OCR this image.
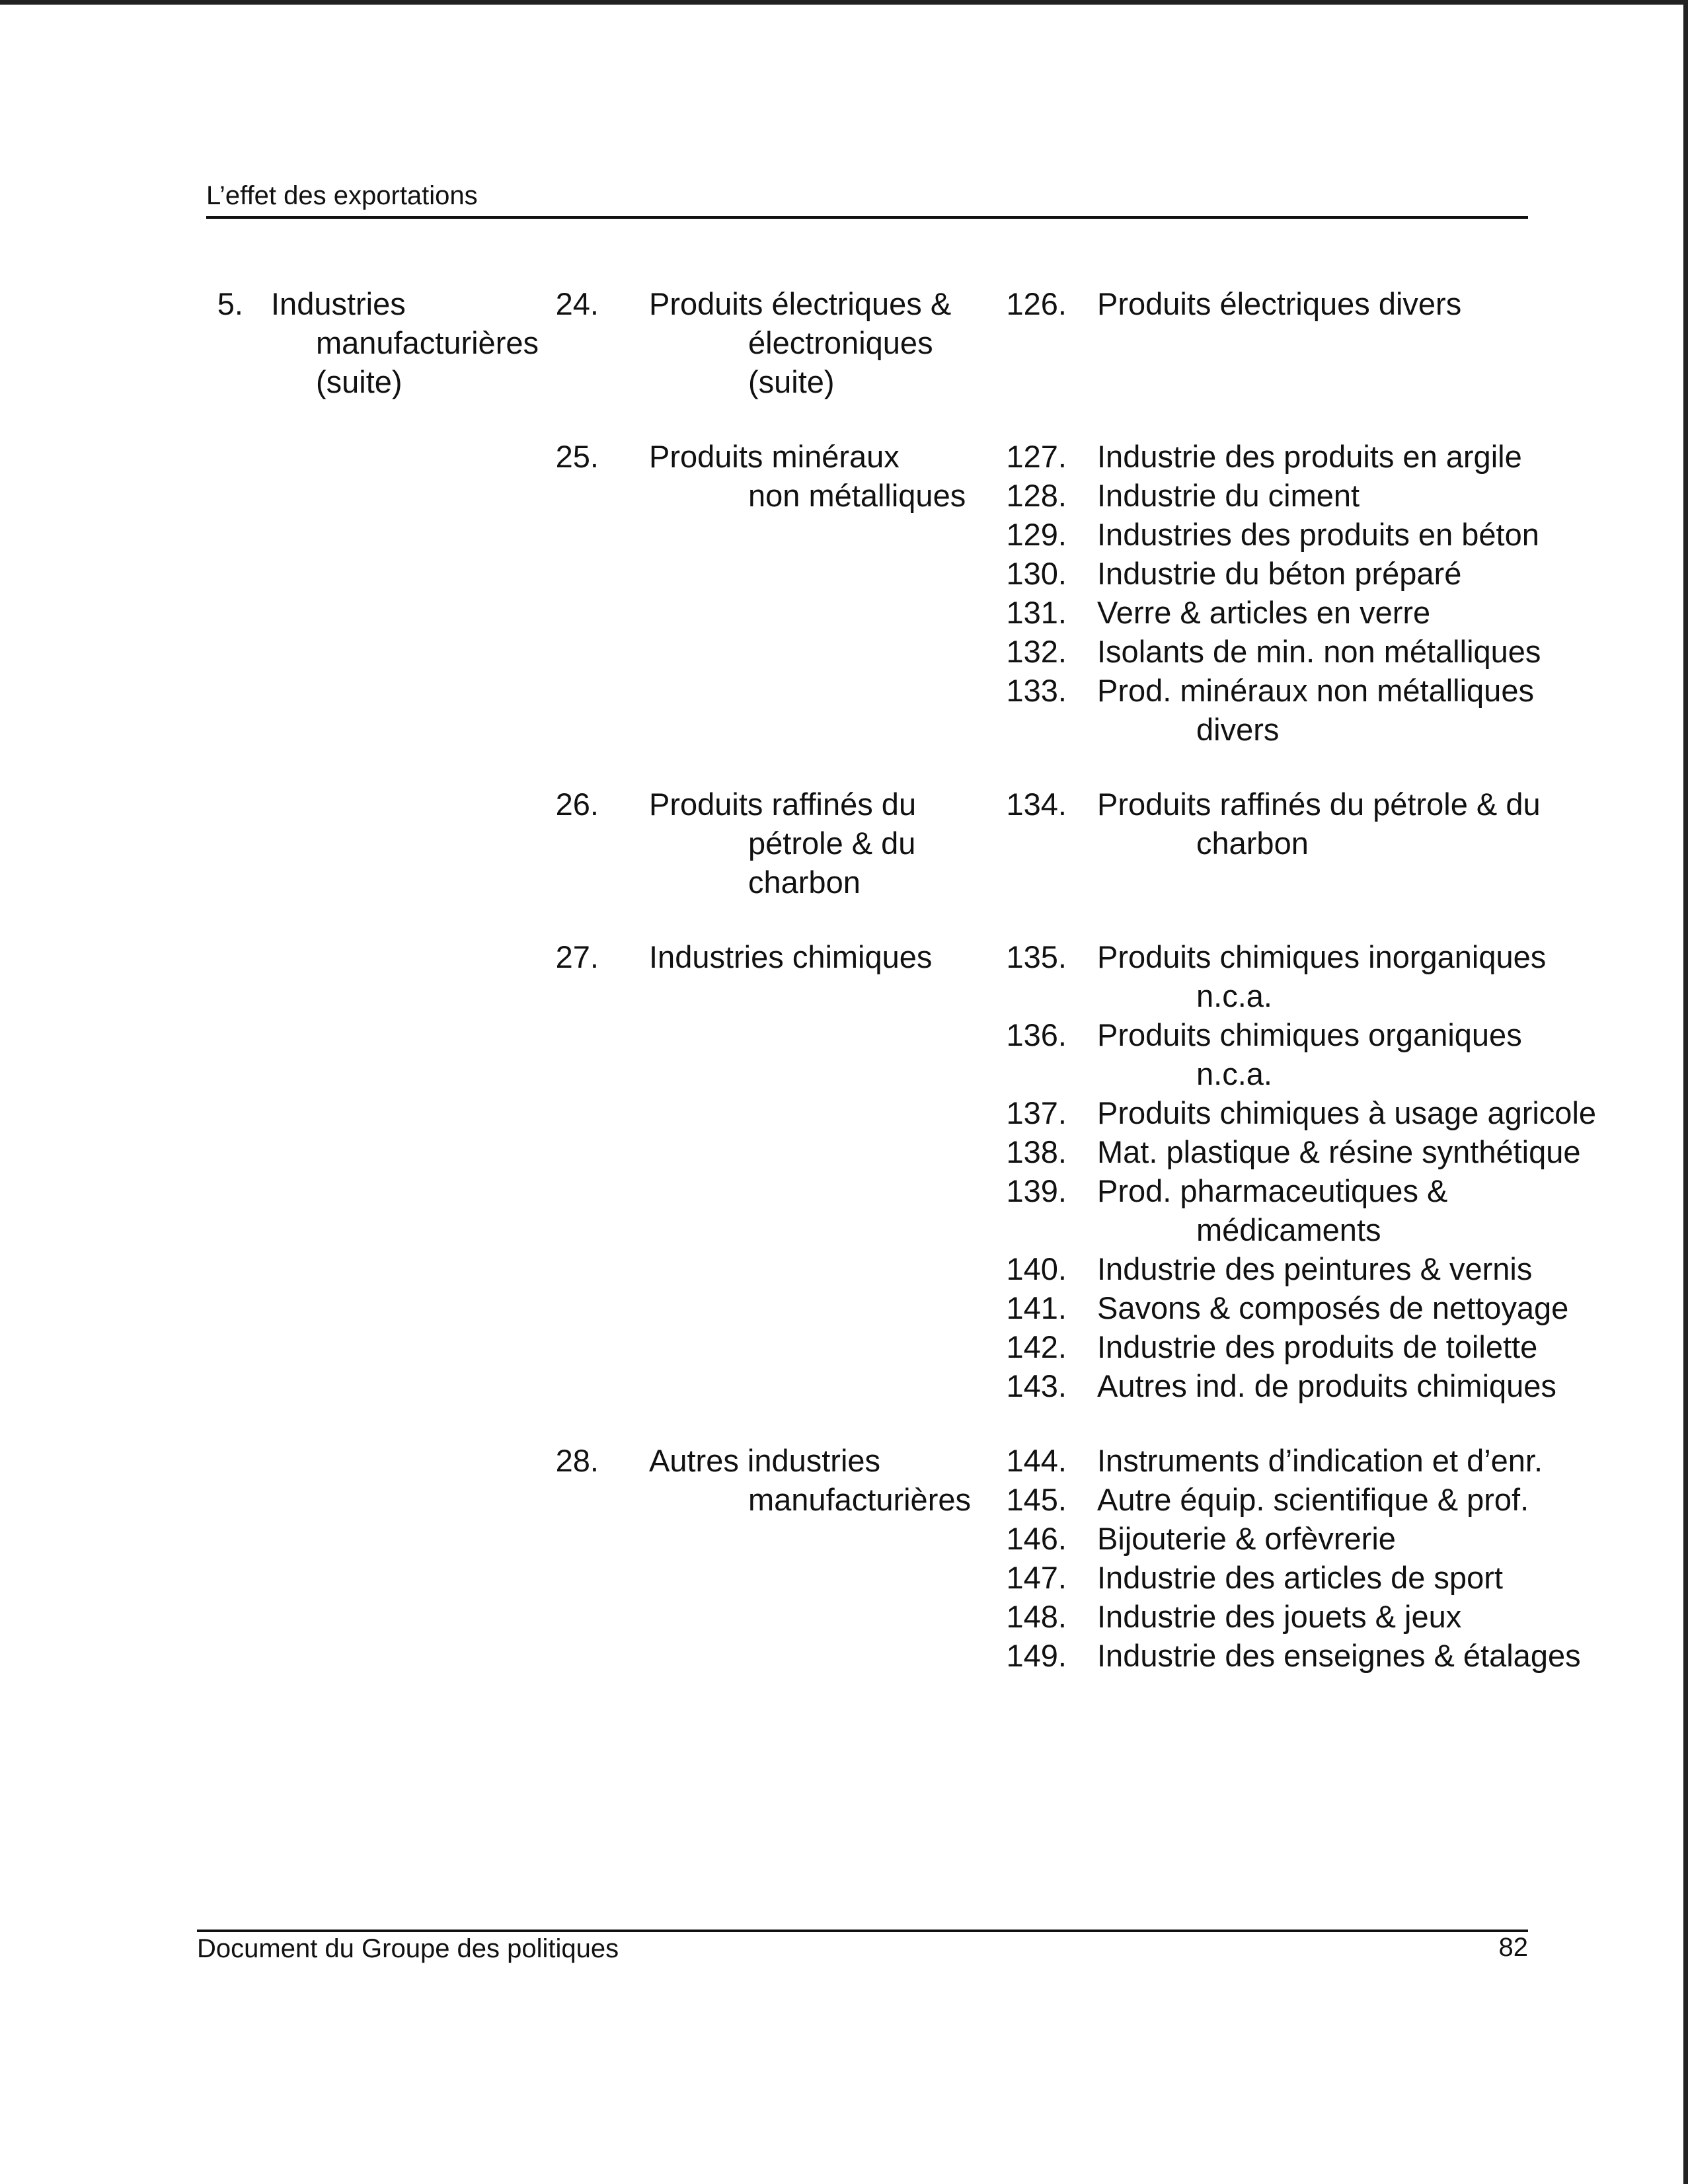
L’effet des exportations
5. Industries
manufacturières
(suite)
24. Produits électriques &
électroniques
(suite)
126. Produits électriques divers
25. Produits minéraux
non métalliques
127. Industrie des produits en argile
128. Industrie du ciment
129. Industries des produits en béton
130. Industrie du béton préparé
131. Verre & articles en verre
132. Isolants de min. non métalliques
133. Prod. minéraux non métalliques
divers
26. Produits raffinés du
pétrole & du
charbon
134. Produits raffinés du pétrole & du
charbon
27. Industries chimiques	135. Produits chimiques inorganiques
n.c.a.
136. Produits chimiques organiques
n.c.a.
137. Produits chimiques à usage agricole
138. Mat. plastique & résine synthétique
139. Prod. pharmaceutiques &
médicaments
140. Industrie des peintures & vernis
141. Savons & composés de nettoyage
142. Industrie des produits de toilette
143. Autres ind. de produits chimiques
28. Autres industries
manufacturières
144. Instruments d’indication et d’enr.
145. Autre équip. scientifique & prof.
146. Bijouterie & orfèvrerie
147. Industrie des articles de sport
148. Industrie des jouets & jeux
149. Industrie des enseignes & étalages
Document du Groupe des politiques	82
